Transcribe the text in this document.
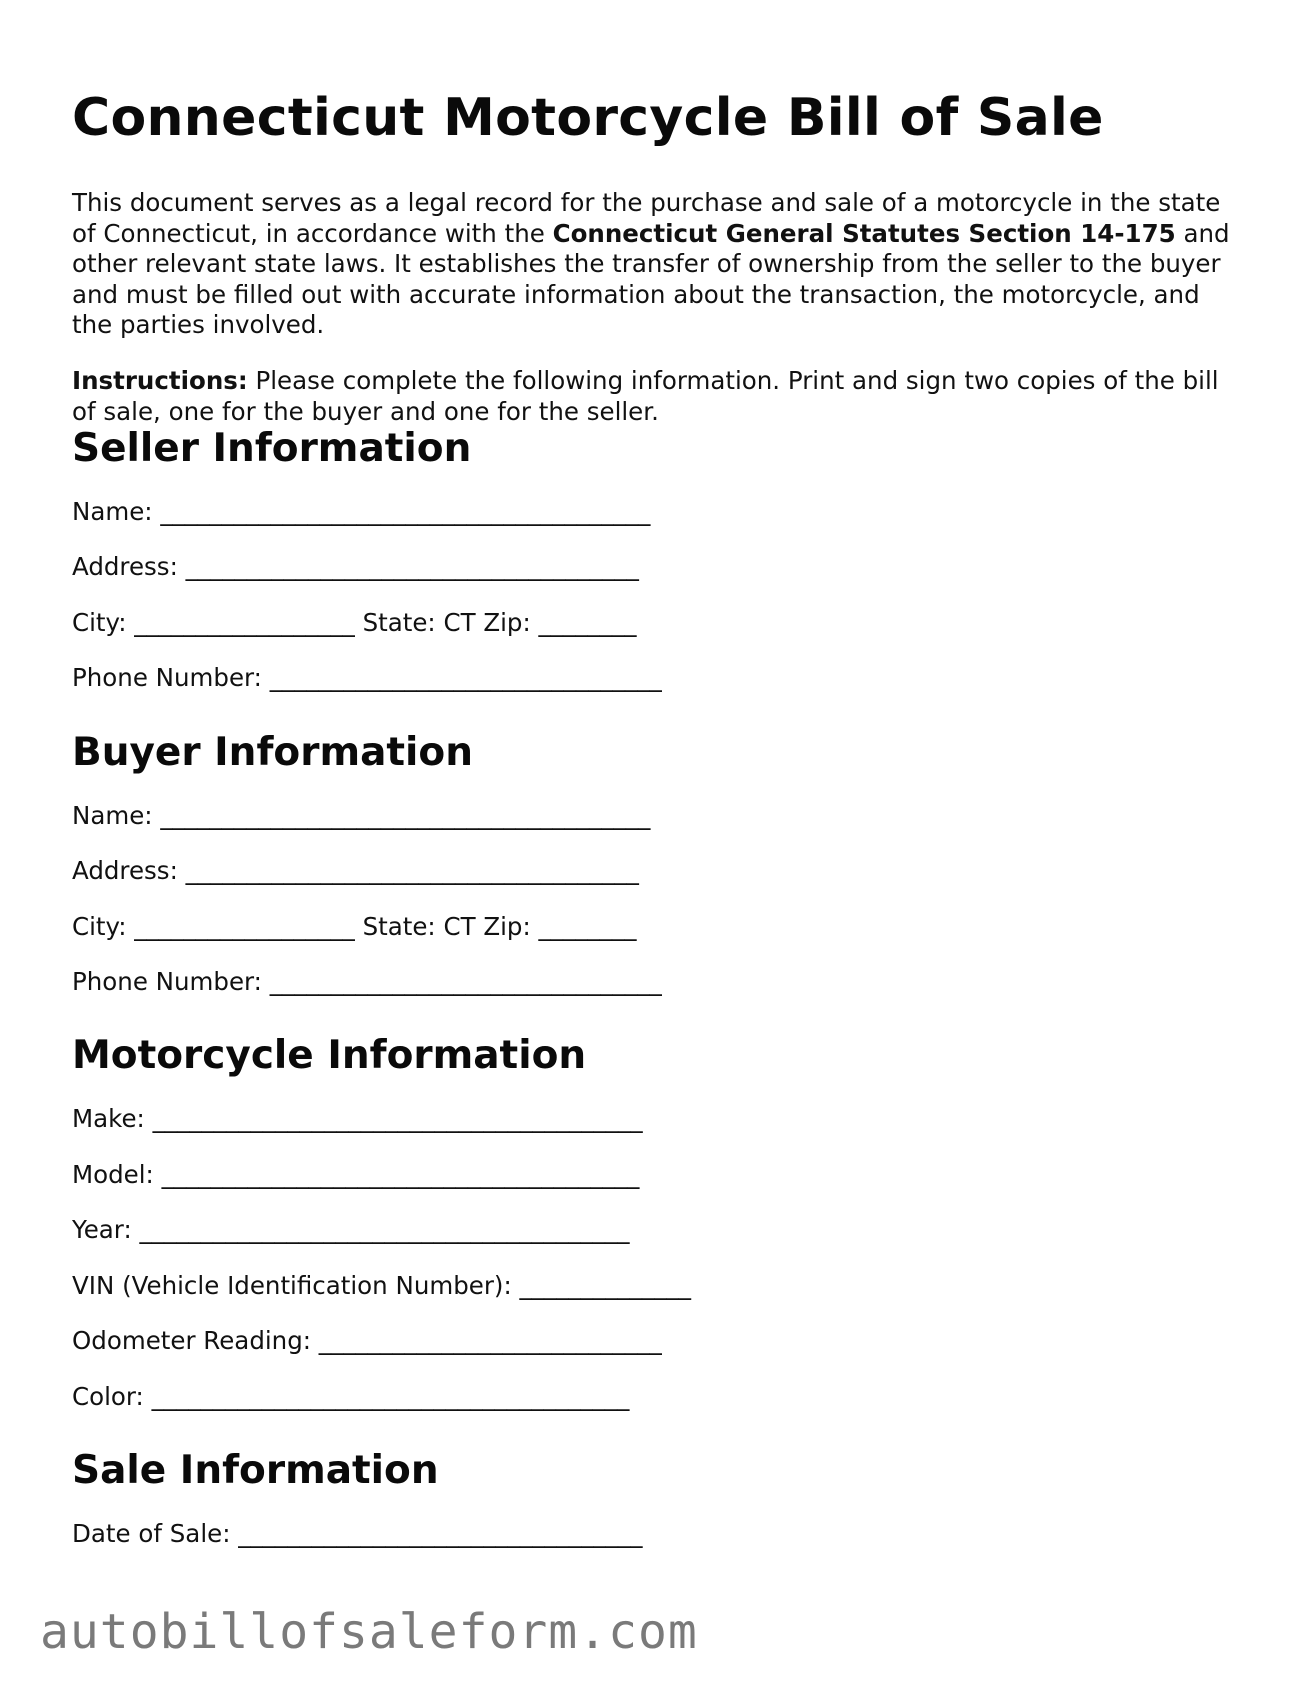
Connecticut Motorcycle Bill of Sale

This document serves as a legal record for the purchase and sale of a motorcycle in the state of Connecticut, in accordance with the Connecticut General Statutes Section 14-175 and other relevant state laws. It establishes the transfer of ownership from the seller to the buyer and must be filled out with accurate information about the transaction, the motorcycle, and the parties involved.

Instructions: Please complete the following information. Print and sign two copies of the bill of sale, one for the buyer and one for the seller.

Seller Information

Name: ________________________________________

Address: _____________________________________

City: __________________ State: CT Zip: ________

Phone Number: ________________________________

Buyer Information

Name: ________________________________________

Address: _____________________________________

City: __________________ State: CT Zip: ________

Phone Number: ________________________________

Motorcycle Information

Make: ________________________________________

Model: _______________________________________

Year: ________________________________________

VIN (Vehicle Identification Number): ______________

Odometer Reading: ____________________________

Color: _______________________________________

Sale Information

Date of Sale: _________________________________

autobillofsaleform.com
